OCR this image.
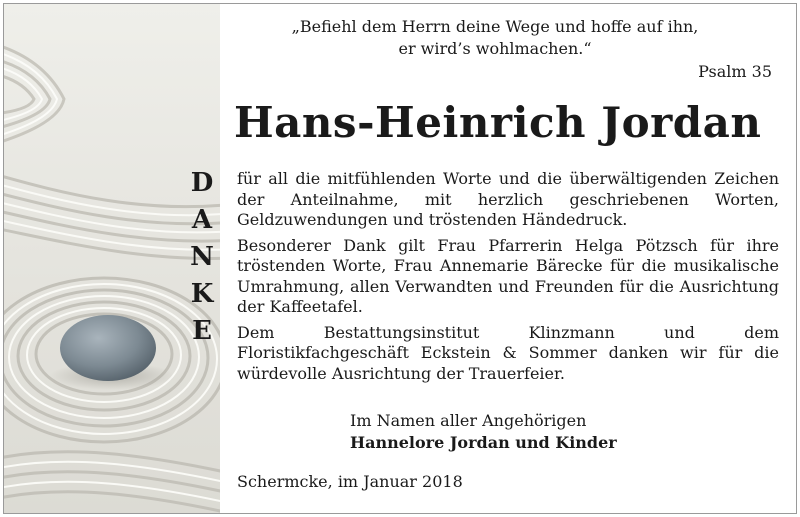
„Befiehl dem Herrn deine Wege und hoffe auf ihn,
er wird’s wohlmachen.“
Psalm 35
Hans-Heinrich Jordan
D
A
N
K
E

für all die mitfühlenden Worte und die überwältigenden Zeichen der Anteilnahme, mit herzlich geschriebenen Worten, Geldzuwendungen und tröstenden Händedruck.

Besonderer Dank gilt Frau Pfarrerin Helga Pötzsch für ihre tröstenden Worte, Frau Annemarie Bärecke für die musikalische Umrahmung, allen Verwandten und Freunden für die Ausrichtung der Kaffeetafel.

Dem Bestattungsinstitut Klinzmann und dem Floristikfachgeschäft Eckstein & Sommer danken wir für die würdevolle Ausrichtung der Trauerfeier.

Im Namen aller Angehörigen
Hannelore Jordan und Kinder
Schermcke, im Januar 2018
